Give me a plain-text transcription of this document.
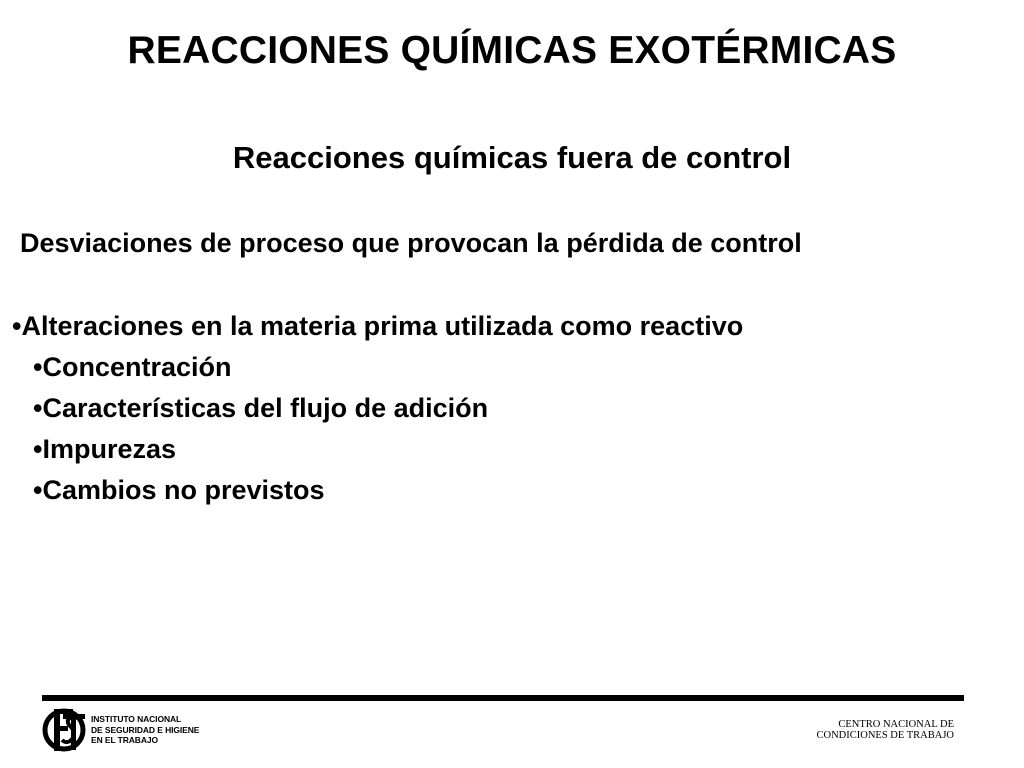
REACCIONES QUÍMICAS EXOTÉRMICAS
Reacciones químicas fuera de control
Desviaciones de proceso que provocan la pérdida de control
•Alteraciones en la materia prima utilizada como reactivo
•Concentración
•Características del flujo de adición
•Impurezas
•Cambios no previstos
INSTITUTO NACIONAL
DE SEGURIDAD E HIGIENE
EN EL TRABAJO
CENTRO NACIONAL DE
CONDICIONES DE TRABAJO
